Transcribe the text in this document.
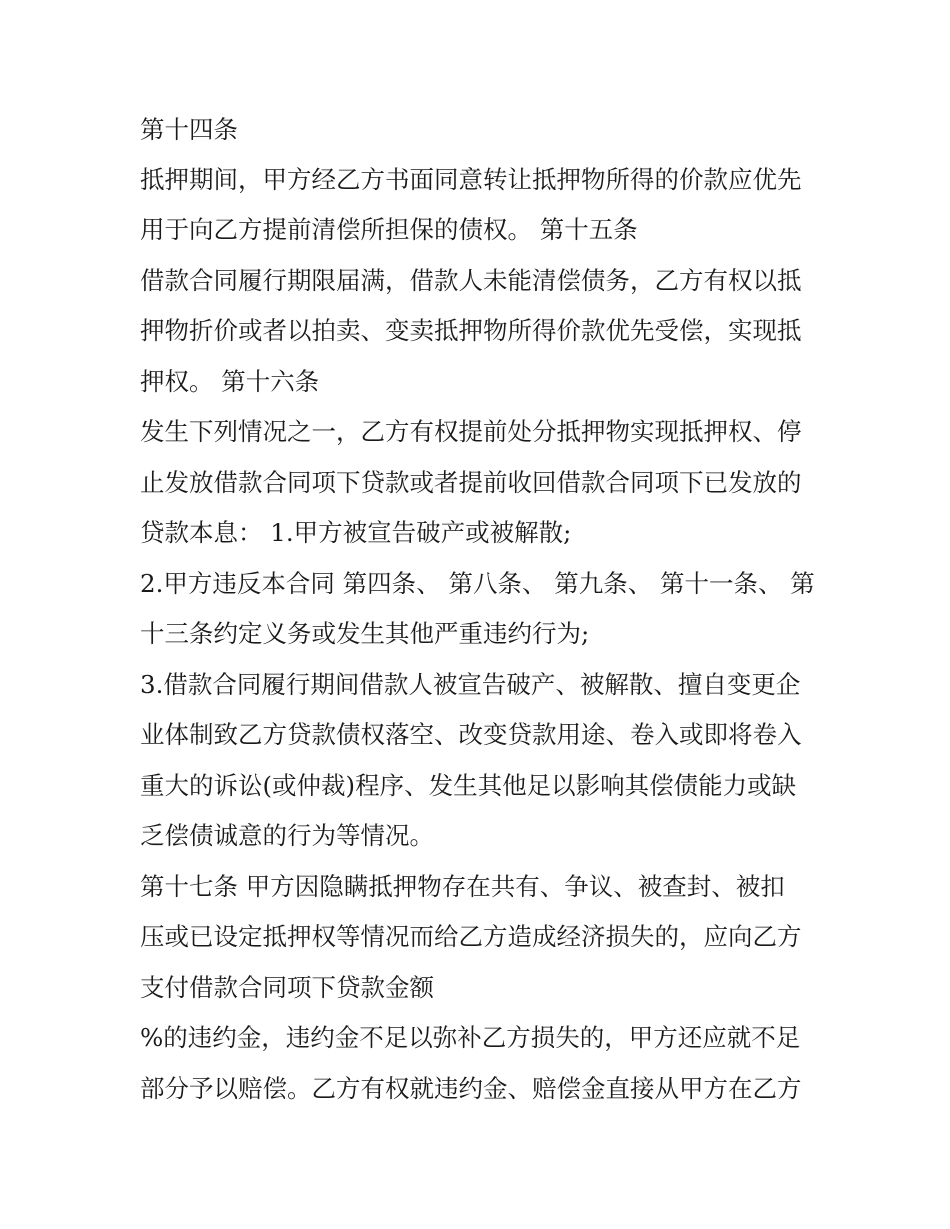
第十四条
抵押期间，甲方经乙方书面同意转让抵押物所得的价款应优先
用于向乙方提前清偿所担保的债权。 第十五条
借款合同履行期限届满，借款人未能清偿债务，乙方有权以抵
押物折价或者以拍卖、变卖抵押物所得价款优先受偿，实现抵
押权。 第十六条
发生下列情况之一，乙方有权提前处分抵押物实现抵押权、停
止发放借款合同项下贷款或者提前收回借款合同项下已发放的
贷款本息： 1.甲方被宣告破产或被解散;
2.甲方违反本合同 第四条、 第八条、 第九条、 第十一条、 第
十三条约定义务或发生其他严重违约行为;
3.借款合同履行期间借款人被宣告破产、被解散、擅自变更企
业体制致乙方贷款债权落空、改变贷款用途、卷入或即将卷入
重大的诉讼(或仲裁)程序、发生其他足以影响其偿债能力或缺
乏偿债诚意的行为等情况。
第十七条 甲方因隐瞒抵押物存在共有、争议、被查封、被扣
压或已设定抵押权等情况而给乙方造成经济损失的，应向乙方
支付借款合同项下贷款金额
%的违约金，违约金不足以弥补乙方损失的，甲方还应就不足
部分予以赔偿。乙方有权就违约金、赔偿金直接从甲方在乙方
